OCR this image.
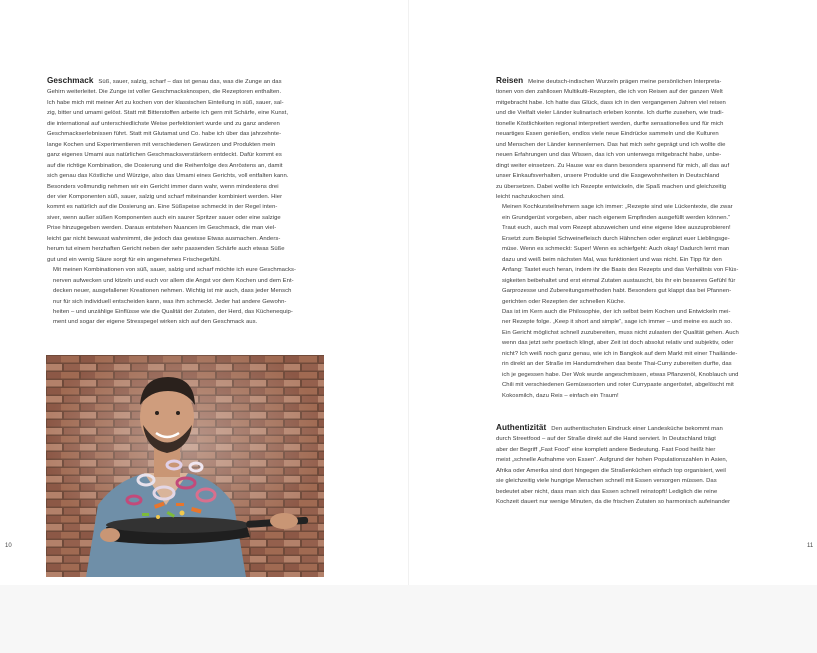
Geschmack Süß, sauer, salzig, scharf – das ist genau das, was die Zunge an das
Gehirn weiterleitet. Die Zunge ist voller Geschmacksknospen, die Rezeptoren enthalten.
Ich habe mich mit meiner Art zu kochen von der klassischen Einteilung in süß, sauer, sal-
zig, bitter und umami gelöst. Statt mit Bitterstoffen arbeite ich gern mit Schärfe, eine Kunst,
die international auf unterschiedlichste Weise perfektioniert wurde und zu ganz anderen
Geschmackserlebnissen führt. Statt mit Glutamat und Co. habe ich über das jahrzehnte-
lange Kochen und Experimentieren mit verschiedenen Gewürzen und Produkten mein
ganz eigenes Umami aus natürlichen Geschmacksverstärkern entdeckt. Dafür kommt es
auf die richtige Kombination, die Dosierung und die Reihenfolge des Anröstens an, damit
sich genau das Köstliche und Würzige, also das Umami eines Gerichts, voll entfalten kann.
Besonders vollmundig nehmen wir ein Gericht immer dann wahr, wenn mindestens drei
der vier Komponenten süß, sauer, salzig und scharf miteinander kombiniert werden. Hier
kommt es natürlich auf die Dosierung an. Eine Süßspeise schmeckt in der Regel inten-
siver, wenn außer süßen Komponenten auch ein saurer Spritzer sauer oder eine salzige
Prise hinzugegeben werden. Daraus entstehen Nuancen im Geschmack, die man viel-
leicht gar nicht bewusst wahrnimmt, die jedoch das gewisse Etwas ausmachen. Anders-
herum tut einem herzhaften Gericht neben der sehr passenden Schärfe auch etwas Süße
gut und ein wenig Säure sorgt für ein angenehmes Frischegefühl.

Mit meinen Kombinationen von süß, sauer, salzig und scharf möchte ich eure Geschmacks-
nerven aufwecken und kitzeln und euch vor allem die Angst vor dem Kochen und dem Ent-
decken neuer, ausgefallener Kreationen nehmen. Wichtig ist mir auch, dass jeder Mensch
nur für sich individuell entscheiden kann, was ihm schmeckt. Jeder hat andere Gewohn-
heiten – und unzählige Einflüsse wie die Qualität der Zutaten, der Herd, das Küchenequip-
ment und sogar der eigene Stresspegel wirken sich auf den Geschmack aus.

10

Reisen Meine deutsch-indischen Wurzeln prägen meine persönlichen Interpreta-
tionen von den zahllosen Multikulti-Rezepten, die ich von Reisen auf der ganzen Welt
mitgebracht habe. Ich hatte das Glück, dass ich in den vergangenen Jahren viel reisen
und die Vielfalt vieler Länder kulinarisch erleben konnte. Ich durfte zusehen, wie tradi-
tionelle Köstlichkeiten regional interpretiert werden, durfte sensationelles und für mich
neuartiges Essen genießen, endlos viele neue Eindrücke sammeln und die Kulturen
und Menschen der Länder kennenlernen. Das hat mich sehr geprägt und ich wollte die
neuen Erfahrungen und das Wissen, das ich von unterwegs mitgebracht habe, unbe-
dingt weiter einsetzen. Zu Hause war es dann besonders spannend für mich, all das auf
unser Einkaufsverhalten, unsere Produkte und die Essgewohnheiten in Deutschland
zu übersetzen. Dabei wollte ich Rezepte entwickeln, die Spaß machen und gleichzeitig
leicht nachzukochen sind.

Meinen Kochkursteilnehmern sage ich immer: „Rezepte sind wie Lückentexte, die zwar
ein Grundgerüst vorgeben, aber nach eigenem Empfinden ausgefüllt werden können.“
Traut euch, auch mal vom Rezept abzuweichen und eine eigene Idee auszuprobieren!
Ersetzt zum Beispiel Schweinefleisch durch Hähnchen oder ergänzt euer Lieblingsge-
müse. Wenn es schmeckt: Super! Wenn es schiefgeht: Auch okay! Dadurch lernt man
dazu und weiß beim nächsten Mal, was funktioniert und was nicht. Ein Tipp für den
Anfang: Tastet euch heran, indem ihr die Basis des Rezepts und das Verhältnis von Flüs-
sigkeiten beibehaltet und erst einmal Zutaten austauscht, bis ihr ein besseres Gefühl für
Garprozesse und Zubereitungsmethoden habt. Besonders gut klappt das bei Pfannen-
gerichten oder Rezepten der schnellen Küche.

Das ist im Kern auch die Philosophie, der ich selbst beim Kochen und Entwickeln mei-
ner Rezepte folge. „Keep it short and simple“, sage ich immer – und meine es auch so.
Ein Gericht möglichst schnell zuzubereiten, muss nicht zulasten der Qualität gehen. Auch
wenn das jetzt sehr poetisch klingt, aber Zeit ist doch absolut relativ und subjektiv, oder
nicht? Ich weiß noch ganz genau, wie ich in Bangkok auf dem Markt mit einer Thailände-
rin direkt an der Straße im Handumdrehen das beste Thai-Curry zubereiten durfte, das
ich je gegessen habe. Der Wok wurde angeschmissen, etwas Pflanzenöl, Knoblauch und
Chili mit verschiedenen Gemüsesorten und roter Currypaste angeröstet, abgelöscht mit
Kokosmilch, dazu Reis – einfach ein Traum!

Authentizität Den authentischsten Eindruck einer Landesküche bekommt man
durch Streetfood – auf der Straße direkt auf die Hand serviert. In Deutschland trägt
aber der Begriff „Fast Food“ eine komplett andere Bedeutung. Fast Food heißt hier
meist „schnelle Aufnahme von Essen“. Aufgrund der hohen Populationszahlen in Asien,
Afrika oder Amerika sind dort hingegen die Straßenküchen einfach top organisiert, weil
sie gleichzeitig viele hungrige Menschen schnell mit Essen versorgen müssen. Das
bedeutet aber nicht, dass man sich das Essen schnell reinstopft! Lediglich die reine
Kochzeit dauert nur wenige Minuten, da die frischen Zutaten so harmonisch aufeinander

11
